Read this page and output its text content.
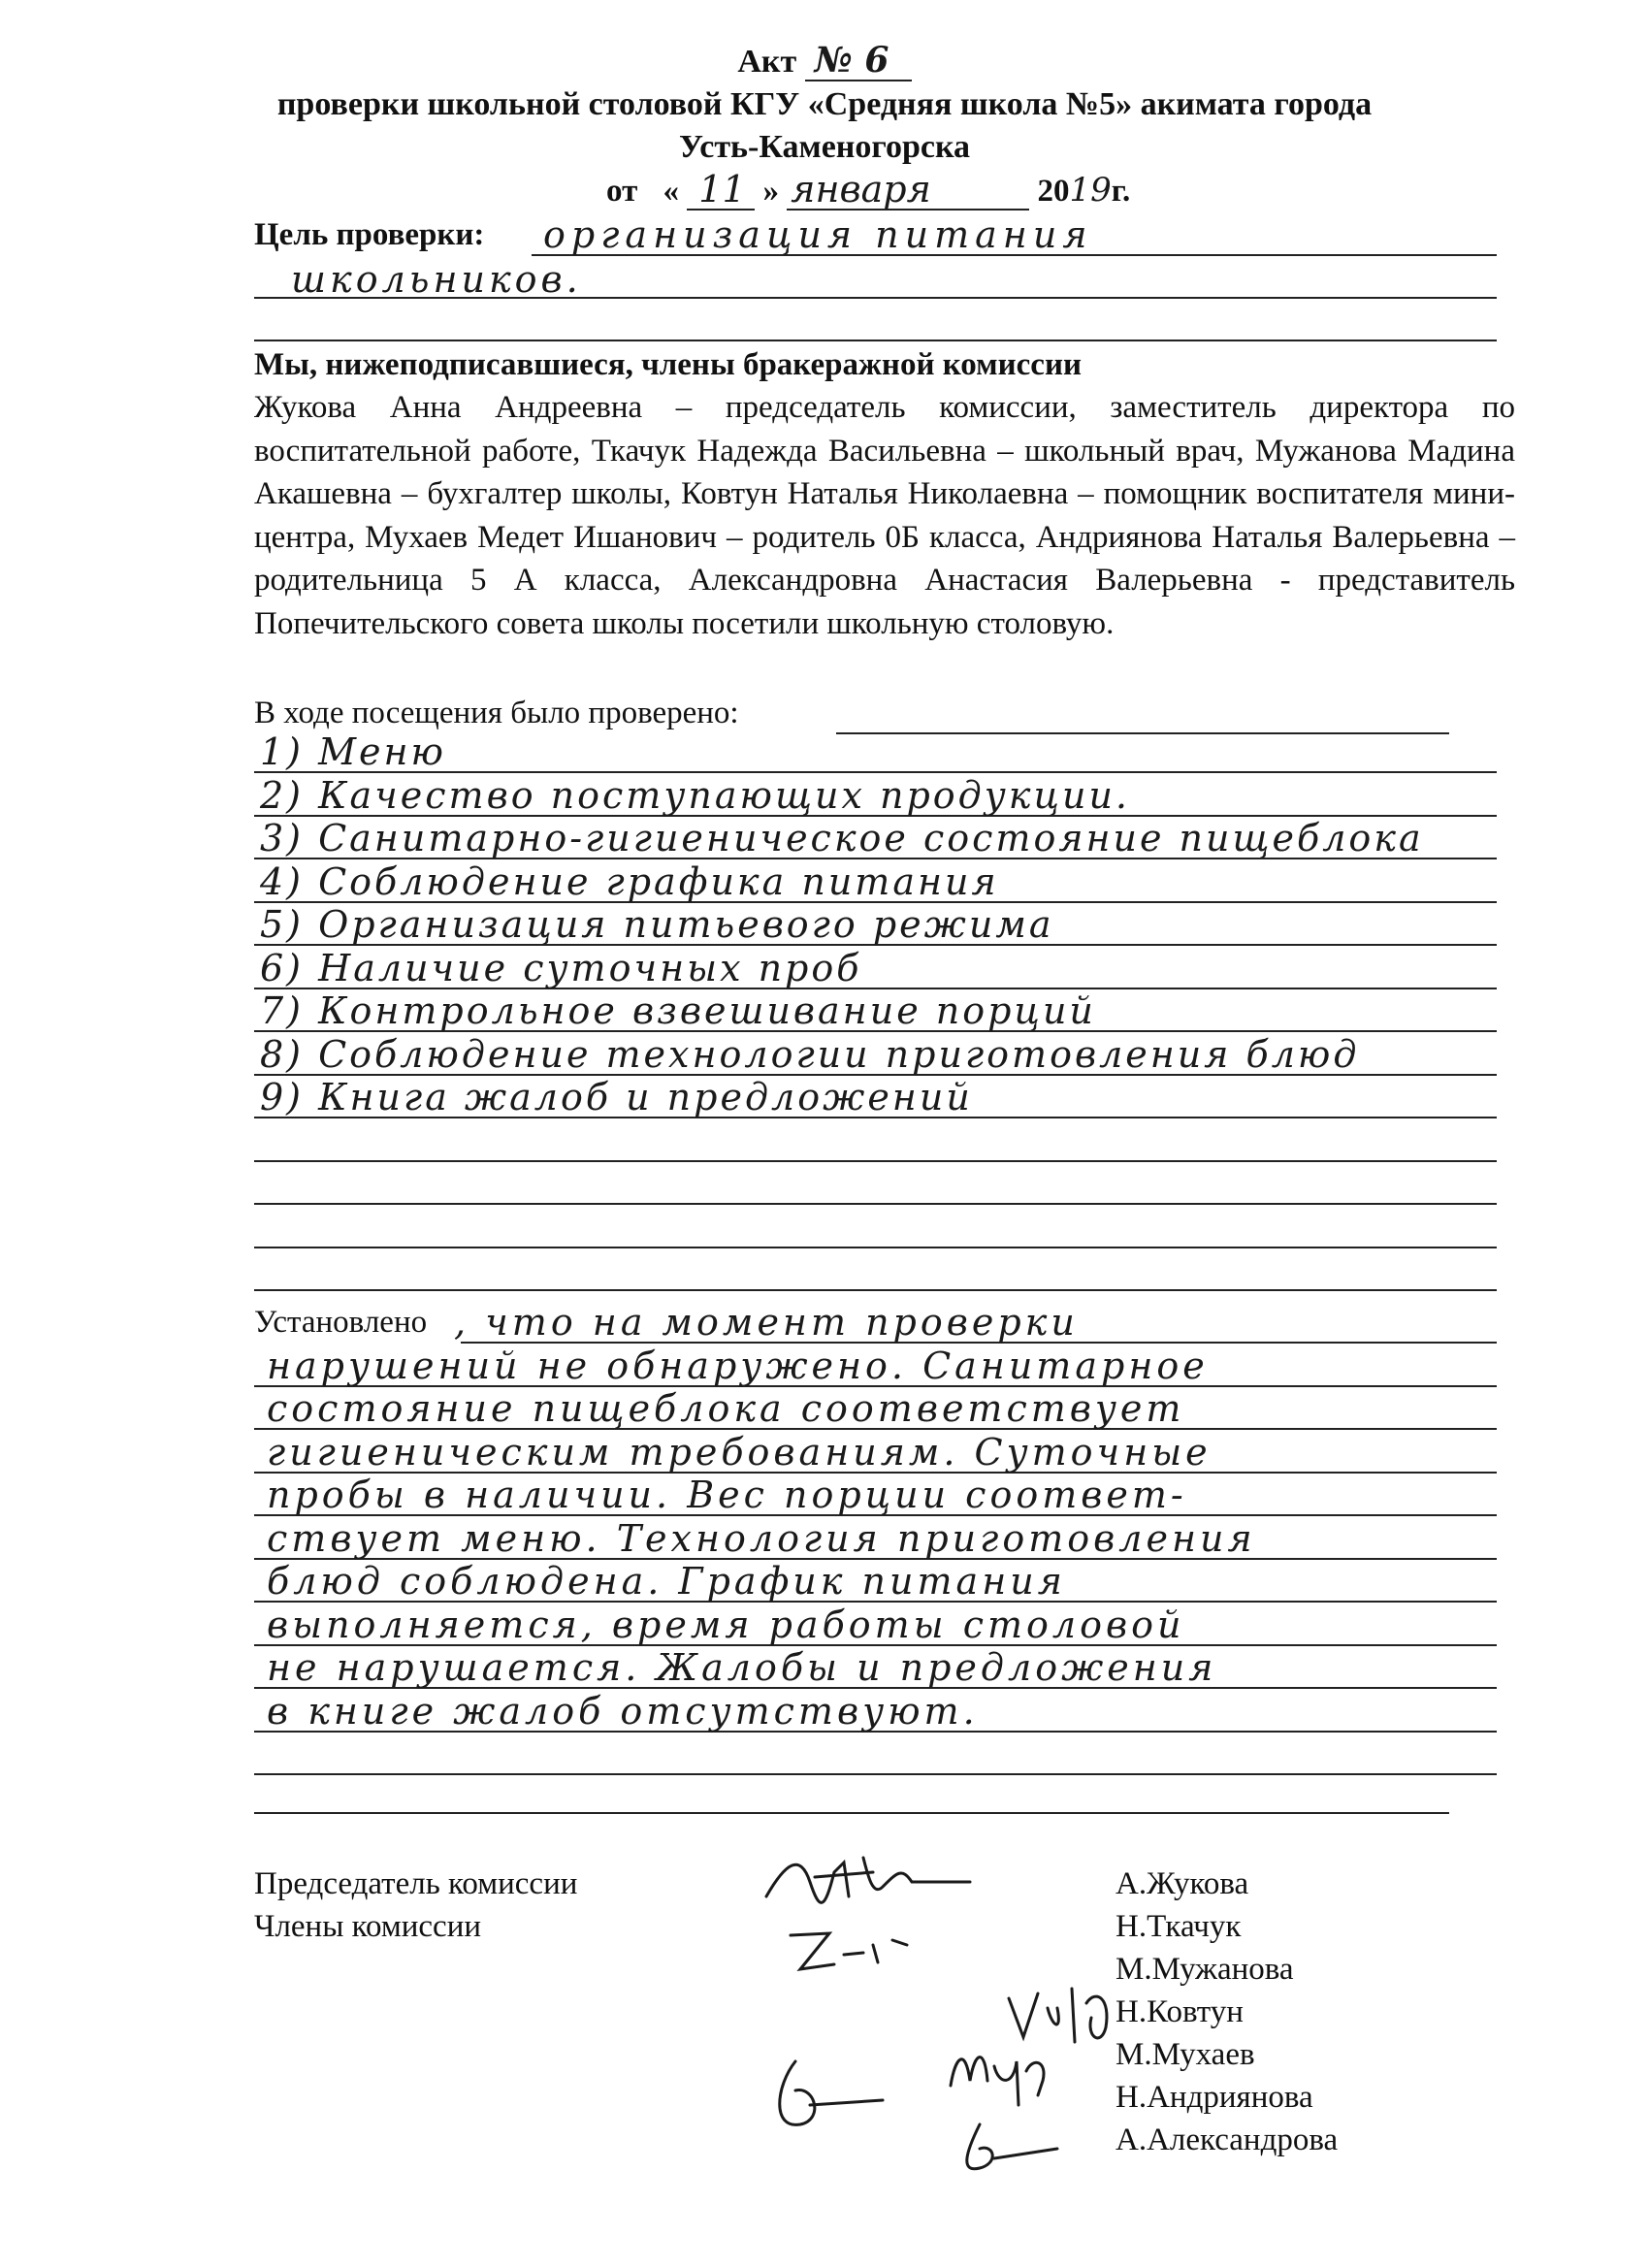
Акт № 6
проверки школьной столовой КГУ «Средняя школа №5» акимата города
Усть-Каменогорска
от « 11 » января	2019г.
Цель проверки: организация питания
школьников.
Мы, нижеподписавшиеся, члены бракеражной комиссии
Жукова Анна Андреевна – председатель комиссии, заместитель директора по воспитательной работе, Ткачук Надежда Васильевна – школьный врач, Мужанова Мадина Акашевна – бухгалтер школы, Ковтун Наталья Николаевна – помощник воспитателя мини-центра, Мухаев Медет Ишанович – родитель 0Б класса, Андриянова Наталья Валерьевна – родительница 5 А класса, Александровна Анастасия Валерьевна - представитель Попечительского совета школы посетили школьную столовую.
В ходе посещения было проверено:
1) Меню
2) Качество поступающих продукции.
3) Санитарно-гигиеническое состояние пищеблока
4) Соблюдение графика питания
5) Организация питьевого режима
6) Наличие суточных проб
7) Контрольное взвешивание порций
8) Соблюдение технологии приготовления блюд
9) Книга жалоб и предложений
Установлено , что на момент проверки
нарушений не обнаружено. Санитарное
состояние пищеблока соответствует
гигиеническим требованиям. Суточные
пробы в наличии. Вес порции соответ-
ствует меню. Технология приготовления
блюд соблюдена. График питания
выполняется, время работы столовой
не нарушается. Жалобы и предложения
в книге жалоб отсутствуют.
Председатель комиссии
Члены комиссии
А.Жукова
Н.Ткачук
М.Мужанова
Н.Ковтун
М.Мухаев
Н.Андриянова
А.Александрова
